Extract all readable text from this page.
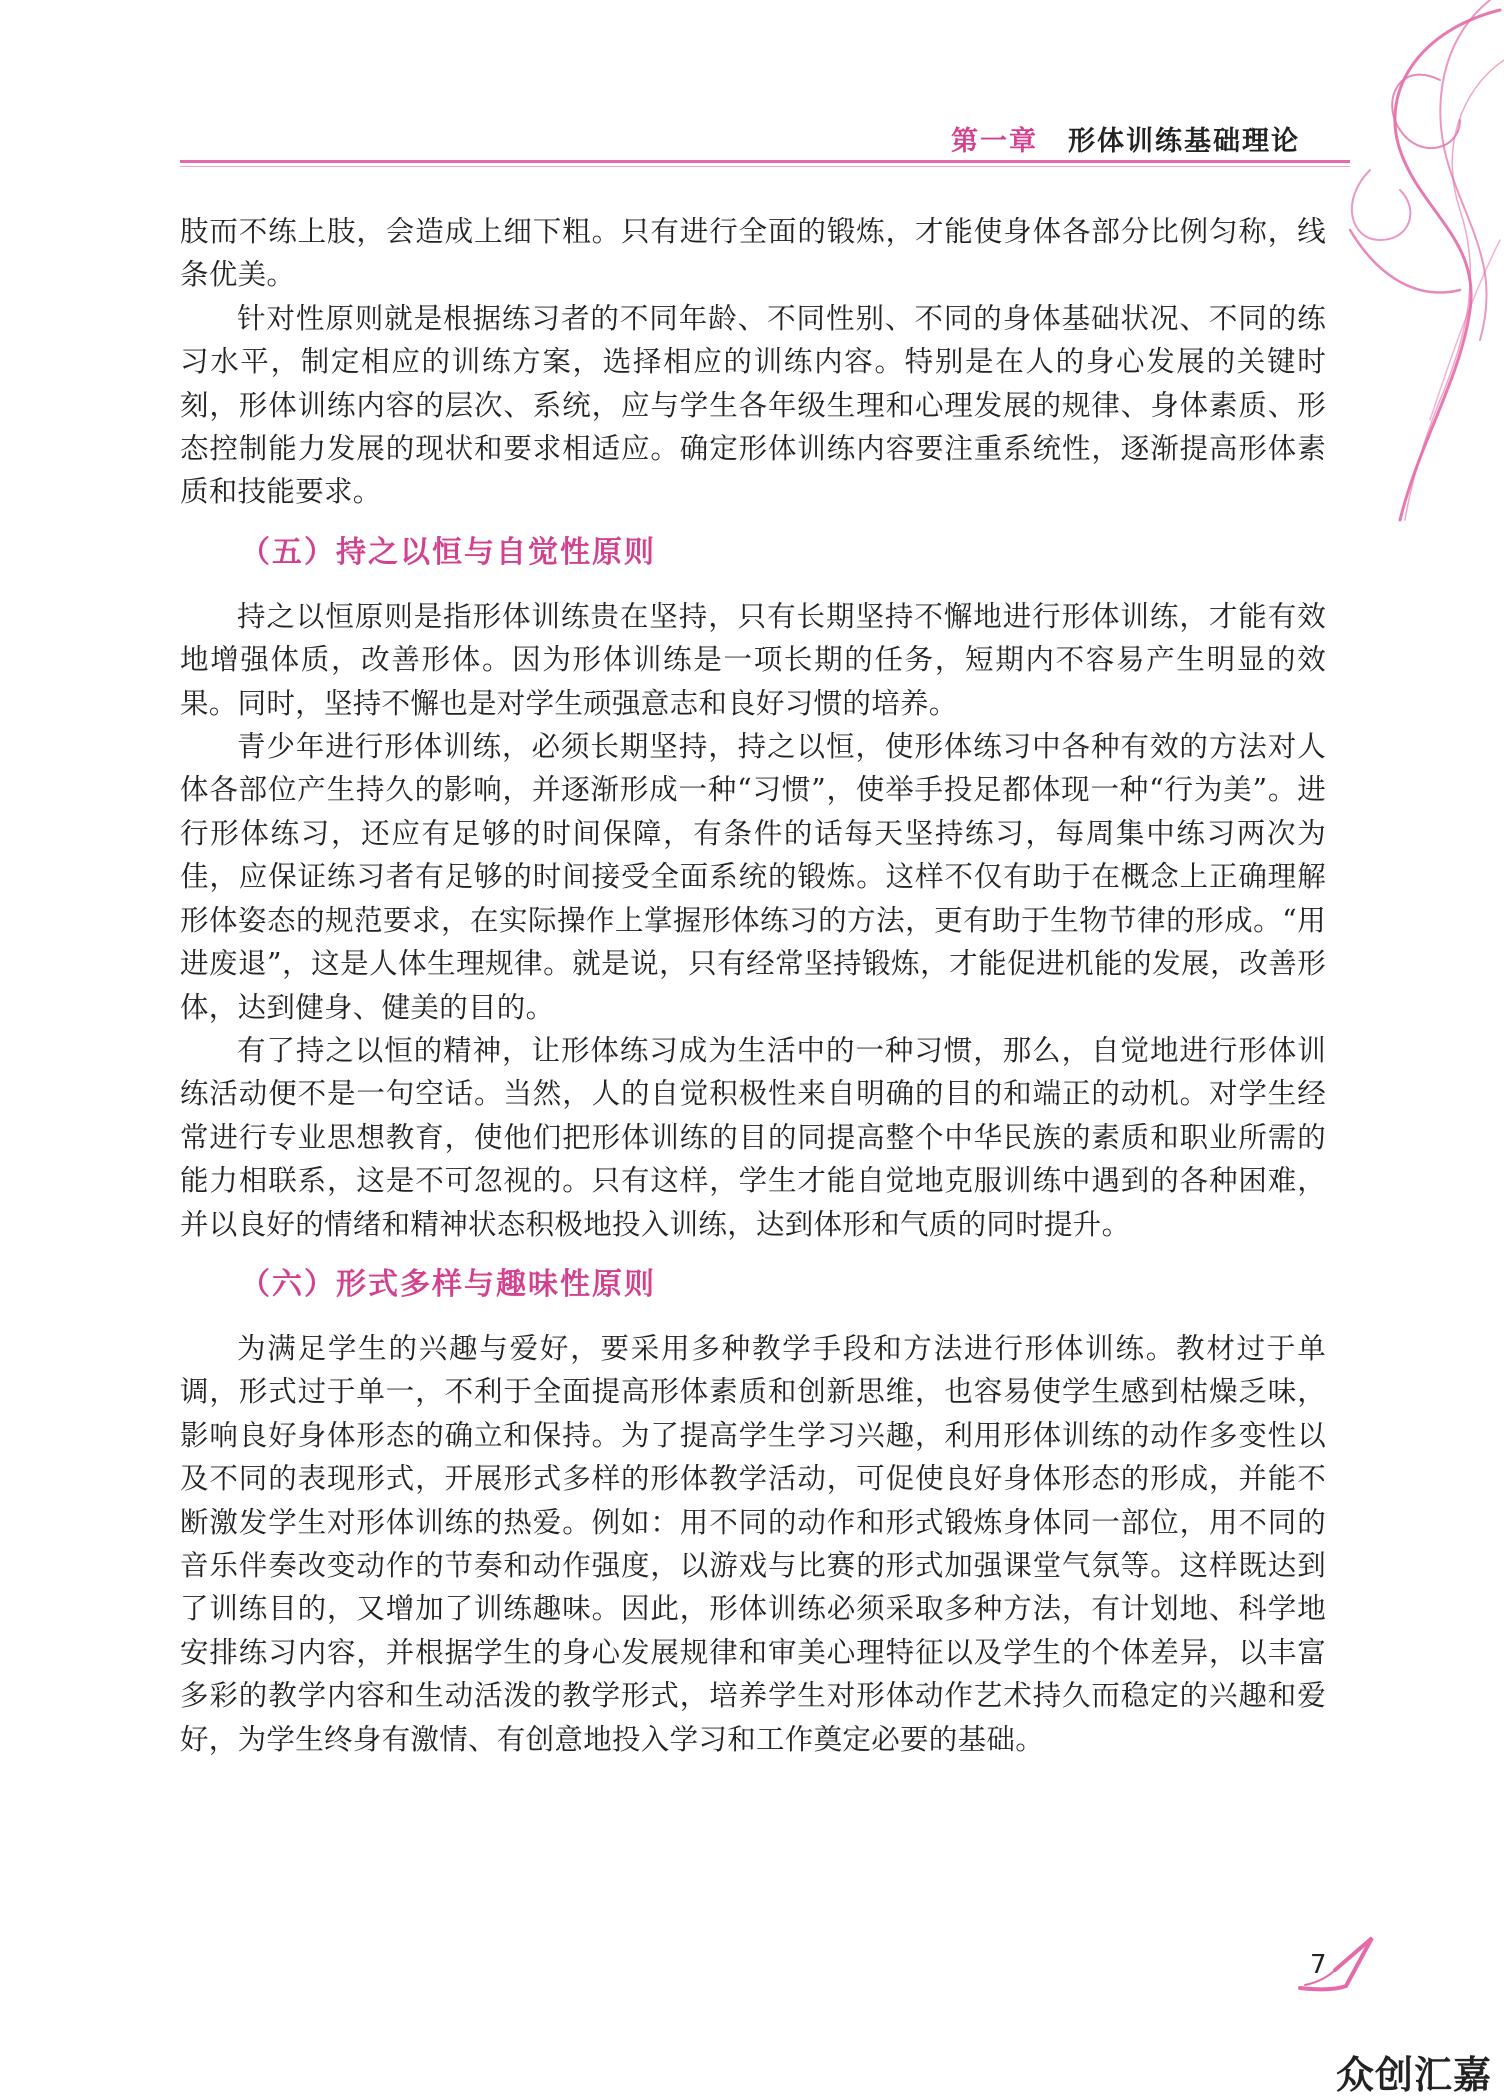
第一章 形体训练基础理论

肢而不练上肢，会造成上细下粗。只有进行全面的锻炼，才能使身体各部分比例匀称，线条优美。

针对性原则就是根据练习者的不同年龄、不同性别、不同的身体基础状况、不同的练习水平，制定相应的训练方案，选择相应的训练内容。特别是在人的身心发展的关键时刻，形体训练内容的层次、系统，应与学生各年级生理和心理发展的规律、身体素质、形态控制能力发展的现状和要求相适应。确定形体训练内容要注重系统性，逐渐提高形体素质和技能要求。

（五）持之以恒与自觉性原则

持之以恒原则是指形体训练贵在坚持，只有长期坚持不懈地进行形体训练，才能有效地增强体质，改善形体。因为形体训练是一项长期的任务，短期内不容易产生明显的效果。同时，坚持不懈也是对学生顽强意志和良好习惯的培养。

青少年进行形体训练，必须长期坚持，持之以恒，使形体练习中各种有效的方法对人体各部位产生持久的影响，并逐渐形成一种“习惯”，使举手投足都体现一种“行为美”。进行形体练习，还应有足够的时间保障，有条件的话每天坚持练习，每周集中练习两次为佳，应保证练习者有足够的时间接受全面系统的锻炼。这样不仅有助于在概念上正确理解形体姿态的规范要求，在实际操作上掌握形体练习的方法，更有助于生物节律的形成。“用进废退”，这是人体生理规律。就是说，只有经常坚持锻炼，才能促进机能的发展，改善形体，达到健身、健美的目的。

有了持之以恒的精神，让形体练习成为生活中的一种习惯，那么，自觉地进行形体训练活动便不是一句空话。当然，人的自觉积极性来自明确的目的和端正的动机。对学生经常进行专业思想教育，使他们把形体训练的目的同提高整个中华民族的素质和职业所需的能力相联系，这是不可忽视的。只有这样，学生才能自觉地克服训练中遇到的各种困难，并以良好的情绪和精神状态积极地投入训练，达到体形和气质的同时提升。

（六）形式多样与趣味性原则

为满足学生的兴趣与爱好，要采用多种教学手段和方法进行形体训练。教材过于单调，形式过于单一，不利于全面提高形体素质和创新思维，也容易使学生感到枯燥乏味，影响良好身体形态的确立和保持。为了提高学生学习兴趣，利用形体训练的动作多变性以及不同的表现形式，开展形式多样的形体教学活动，可促使良好身体形态的形成，并能不断激发学生对形体训练的热爱。例如：用不同的动作和形式锻炼身体同一部位，用不同的音乐伴奏改变动作的节奏和动作强度，以游戏与比赛的形式加强课堂气氛等。这样既达到了训练目的，又增加了训练趣味。因此，形体训练必须采取多种方法，有计划地、科学地安排练习内容，并根据学生的身心发展规律和审美心理特征以及学生的个体差异，以丰富多彩的教学内容和生动活泼的教学形式，培养学生对形体动作艺术持久而稳定的兴趣和爱好，为学生终身有激情、有创意地投入学习和工作奠定必要的基础。

7
众创汇嘉
